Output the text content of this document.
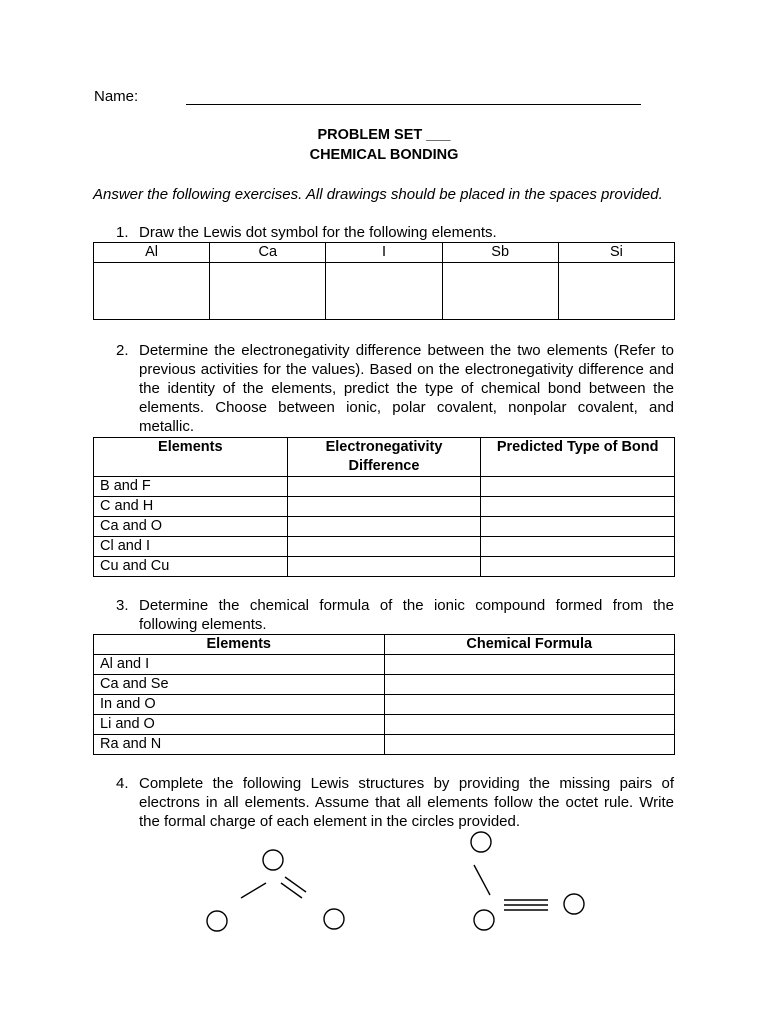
Name:
PROBLEM SET ___
CHEMICAL BONDING
Answer the following exercises. All drawings should be placed in the spaces provided.
1. Draw the Lewis dot symbol for the following elements.
Al	Ca	I	Sb	Si

2. Determine the electronegativity difference between the two elements (Refer to previous activities for the values). Based on the electronegativity difference and the identity of the elements, predict the type of chemical bond between the elements. Choose between ionic, polar covalent, nonpolar covalent, and metallic.
Elements	Electronegativity Difference	Predicted Type of Bond
B and F		
C and H		
Ca and O		
Cl and I		
Cu and Cu		
3. Determine the chemical formula of the ionic compound formed from the following elements.
Elements	Chemical Formula
Al and I	
Ca and Se	
In and O	
Li and O	
Ra and N	
4. Complete the following Lewis structures by providing the missing pairs of electrons in all elements. Assume that all elements follow the octet rule. Write the formal charge of each element in the circles provided.
